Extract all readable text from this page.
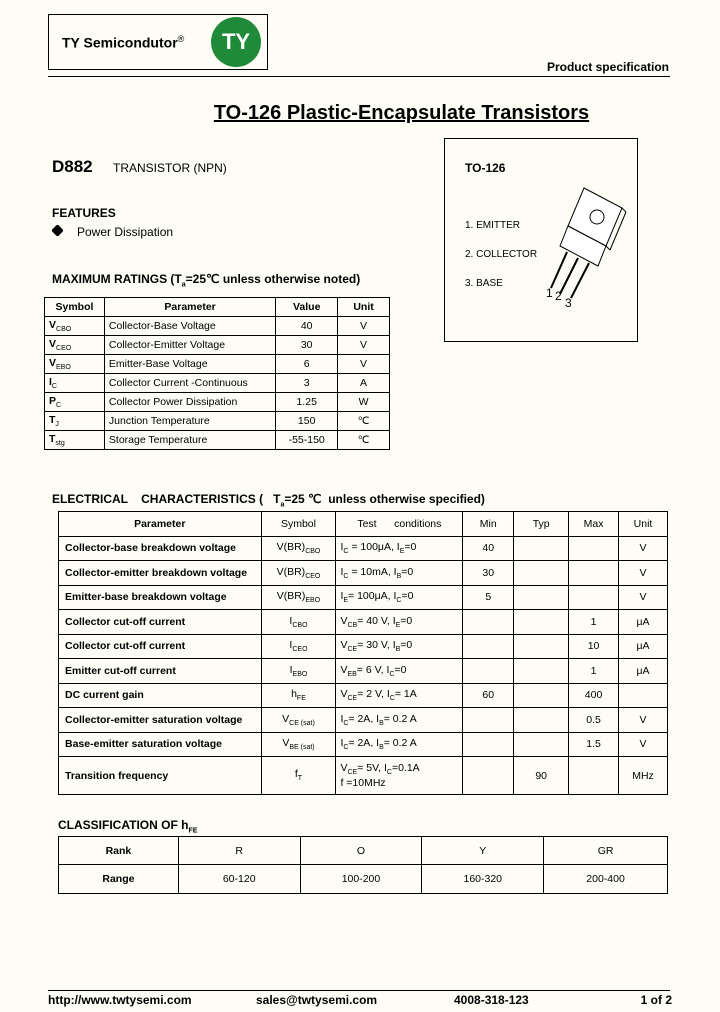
TY Semicondutor®	TY
Product specification
TO-126 Plastic-Encapsulate Transistors
D882 TRANSISTOR (NPN)
FEATURES
Power Dissipation
TO-126
1. EMITTER
2. COLLECTOR
3. BASE
1 2 3
MAXIMUM RATINGS ($T_a=25℃$ unless otherwise noted)
Symbol	Parameter	Value	Unit
$V_{CBO}$	Collector-Base Voltage	40	V
$V_{CEO}$	Collector-Emitter Voltage	30	V
$V_{EBO}$	Emitter-Base Voltage	6	V
$I_C$	Collector Current -Continuous	3	A
$P_C$	Collector Power Dissipation	1.25	W
$T_J$	Junction Temperature	150	℃
$T_{stg}$	Storage Temperature	-55-150	℃
ELECTRICAL    CHARACTERISTICS (   $T_a=25$ ℃  unless otherwise specified)
Parameter	Symbol	Test      conditions	Min	Typ	Max	Unit
Collector-base breakdown voltage	$V(BR)_{CBO}$	$I_C = 100\mu A$, $I_E=0$	40			V
Collector-emitter breakdown voltage	$V(BR)_{CEO}$	$I_C = 10mA$, $I_B=0$	30			V
Emitter-base breakdown voltage	$V(BR)_{EBO}$	$I_E= 100\mu A$, $I_C=0$	5			V
Collector cut-off current	$I_{CBO}$	$V_{CB}= 40$ V, $I_E=0$			1	μA
Collector cut-off current	$I_{CEO}$	$V_{CE}= 30$ V, $I_B=0$			10	μA
Emitter cut-off current	$I_{EBO}$	$V_{EB}= 6$ V, $I_C=0$			1	μA
DC current gain	$h_{FE}$	$V_{CE}= 2$ V, $I_C= 1A$	60		400	
Collector-emitter saturation voltage	$V_{CE (sat)}$	$I_C= 2A$, $I_B= 0.2$ A			0.5	V
Base-emitter saturation voltage	$V_{BE (sat)}$	$I_C= 2A$, $I_B= 0.2$ A			1.5	V
Transition frequency	$f_T$	$V_{CE}= 5V$, $I_C=0.1A$
f =10MHz		90		MHz
CLASSIFICATION OF $h_{FE}$
Rank	R	O	Y	GR
Range	60-120	100-200	160-320	200-400
http://www.twtysemi.com	sales@twtysemi.com	4008-318-123	1 of 2
